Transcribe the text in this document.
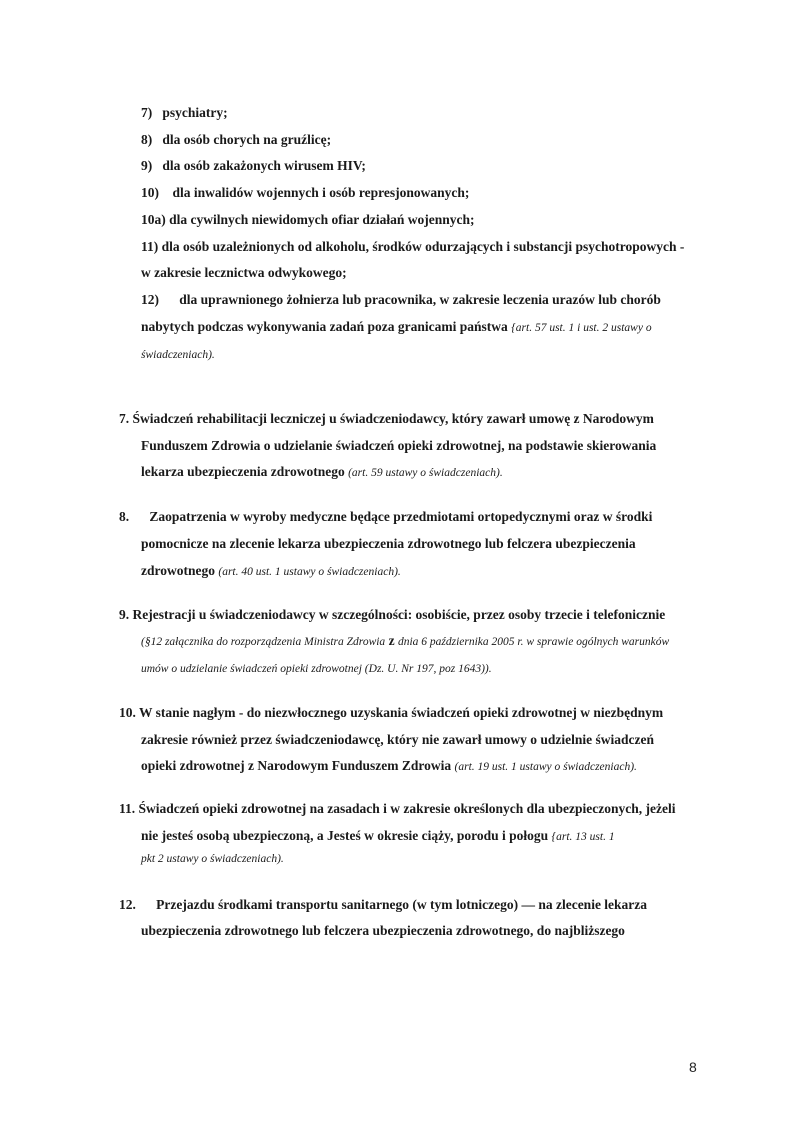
7) psychiatry;
8) dla osób chorych na gruźlicę;
9) dla osób zakażonych wirusem HIV;
10) dla inwalidów wojennych i osób represjonowanych;
10a) dla cywilnych niewidomych ofiar działań wojennych;
11) dla osób uzależnionych od alkoholu, środków odurzających i substancji psychotropowych -
w zakresie lecznictwa odwykowego;
12)      dla uprawnionego żołnierza lub pracownika, w zakresie leczenia urazów lub chorób
nabytych podczas wykonywania zadań poza granicami państwa {art. 57 ust. 1 i ust. 2 ustawy o
świadczeniach).
7. Świadczeń rehabilitacji leczniczej u świadczeniodawcy, który zawarł umowę z Narodowym
Funduszem Zdrowia o udzielanie świadczeń opieki zdrowotnej, na podstawie skierowania
lekarza ubezpieczenia zdrowotnego (art. 59 ustawy o świadczeniach).
8.      Zaopatrzenia w wyroby medyczne będące przedmiotami ortopedycznymi oraz w środki
pomocnicze na zlecenie lekarza ubezpieczenia zdrowotnego lub felczera ubezpieczenia
zdrowotnego (art. 40 ust. 1 ustawy o świadczeniach).
9. Rejestracji u świadczeniodawcy w szczególności: osobiście, przez osoby trzecie i telefonicznie
(§12 załącznika do rozporządzenia Ministra Zdrowia z dnia 6 października 2005 r. w sprawie ogólnych warunków
umów o udzielanie świadczeń opieki zdrowotnej (Dz. U. Nr 197, poz 1643)).
10. W stanie nagłym - do niezwłocznego uzyskania świadczeń opieki zdrowotnej w niezbędnym
zakresie również przez świadczeniodawcę, który nie zawarł umowy o udzielnie świadczeń
opieki zdrowotnej z Narodowym Funduszem Zdrowia (art. 19 ust. 1 ustawy o świadczeniach).
11. Świadczeń opieki zdrowotnej na zasadach i w zakresie określonych dla ubezpieczonych, jeżeli
nie jesteś osobą ubezpieczoną, a Jesteś w okresie ciąży, porodu i połogu {art. 13 ust. 1
pkt 2 ustawy o świadczeniach).
12.      Przejazdu środkami transportu sanitarnego (w tym lotniczego) — na zlecenie lekarza
ubezpieczenia zdrowotnego lub felczera ubezpieczenia zdrowotnego, do najbliższego
8
